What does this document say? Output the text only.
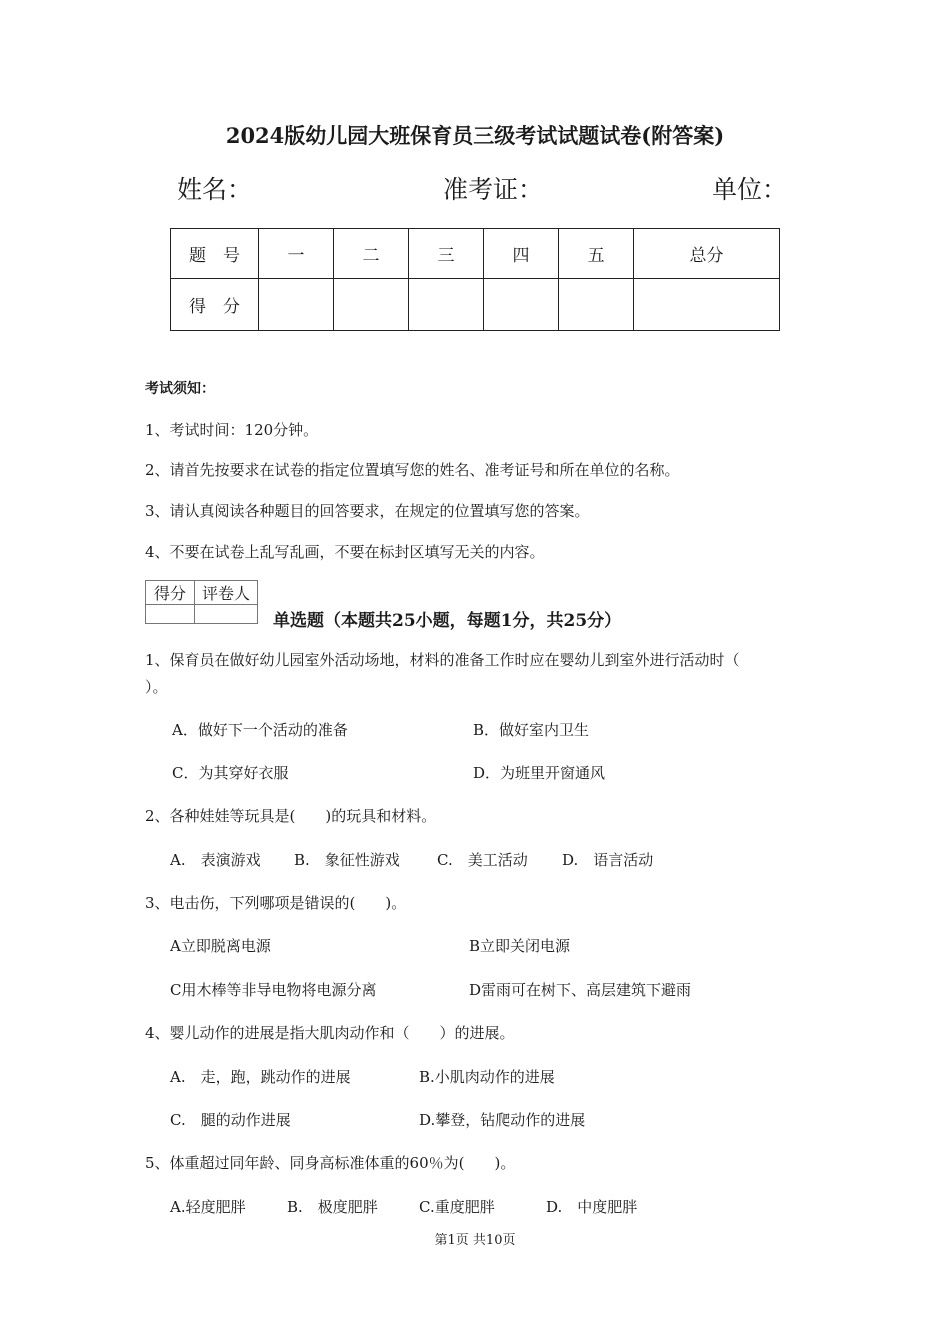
2024版幼儿园大班保育员三级考试试题试卷(附答案)
姓名：	准考证：	单位：
题　号	一	二	三	四	五	总分
得　分						
考试须知：
1、考试时间：120分钟。
2、请首先按要求在试卷的指定位置填写您的姓名、准考证号和所在单位的名称。
3、请认真阅读各种题目的回答要求，在规定的位置填写您的答案。
4、不要在试卷上乱写乱画，不要在标封区填写无关的内容。
得分	评卷人

单选题（本题共25小题，每题1分，共25分）
1、保育员在做好幼儿园室外活动场地，材料的准备工作时应在婴幼儿到室外进行活动时（
）。
A．做好下一个活动的准备	B．做好室内卫生
C．为其穿好衣服	D．为班里开窗通风
2、各种娃娃等玩具是(　　)的玩具和材料。
A.　表演游戏 B.　象征性游戏 C.　美工活动 D.　语言活动
3、电击伤，下列哪项是错误的(　　)。
A立即脱离电源	B立即关闭电源
C用木棒等非导电物将电源分离	D雷雨可在树下、高层建筑下避雨
4、婴儿动作的进展是指大肌肉动作和（　　）的进展。
A.　走，跑，跳动作的进展	B.小肌肉动作的进展
C.　腿的动作进展	D.攀登，钻爬动作的进展
5、体重超过同年龄、同身高标准体重的60％为(　　)。
A.轻度肥胖	B.　极度肥胖	C.重度肥胖	D.　中度肥胖
第1页 共10页
